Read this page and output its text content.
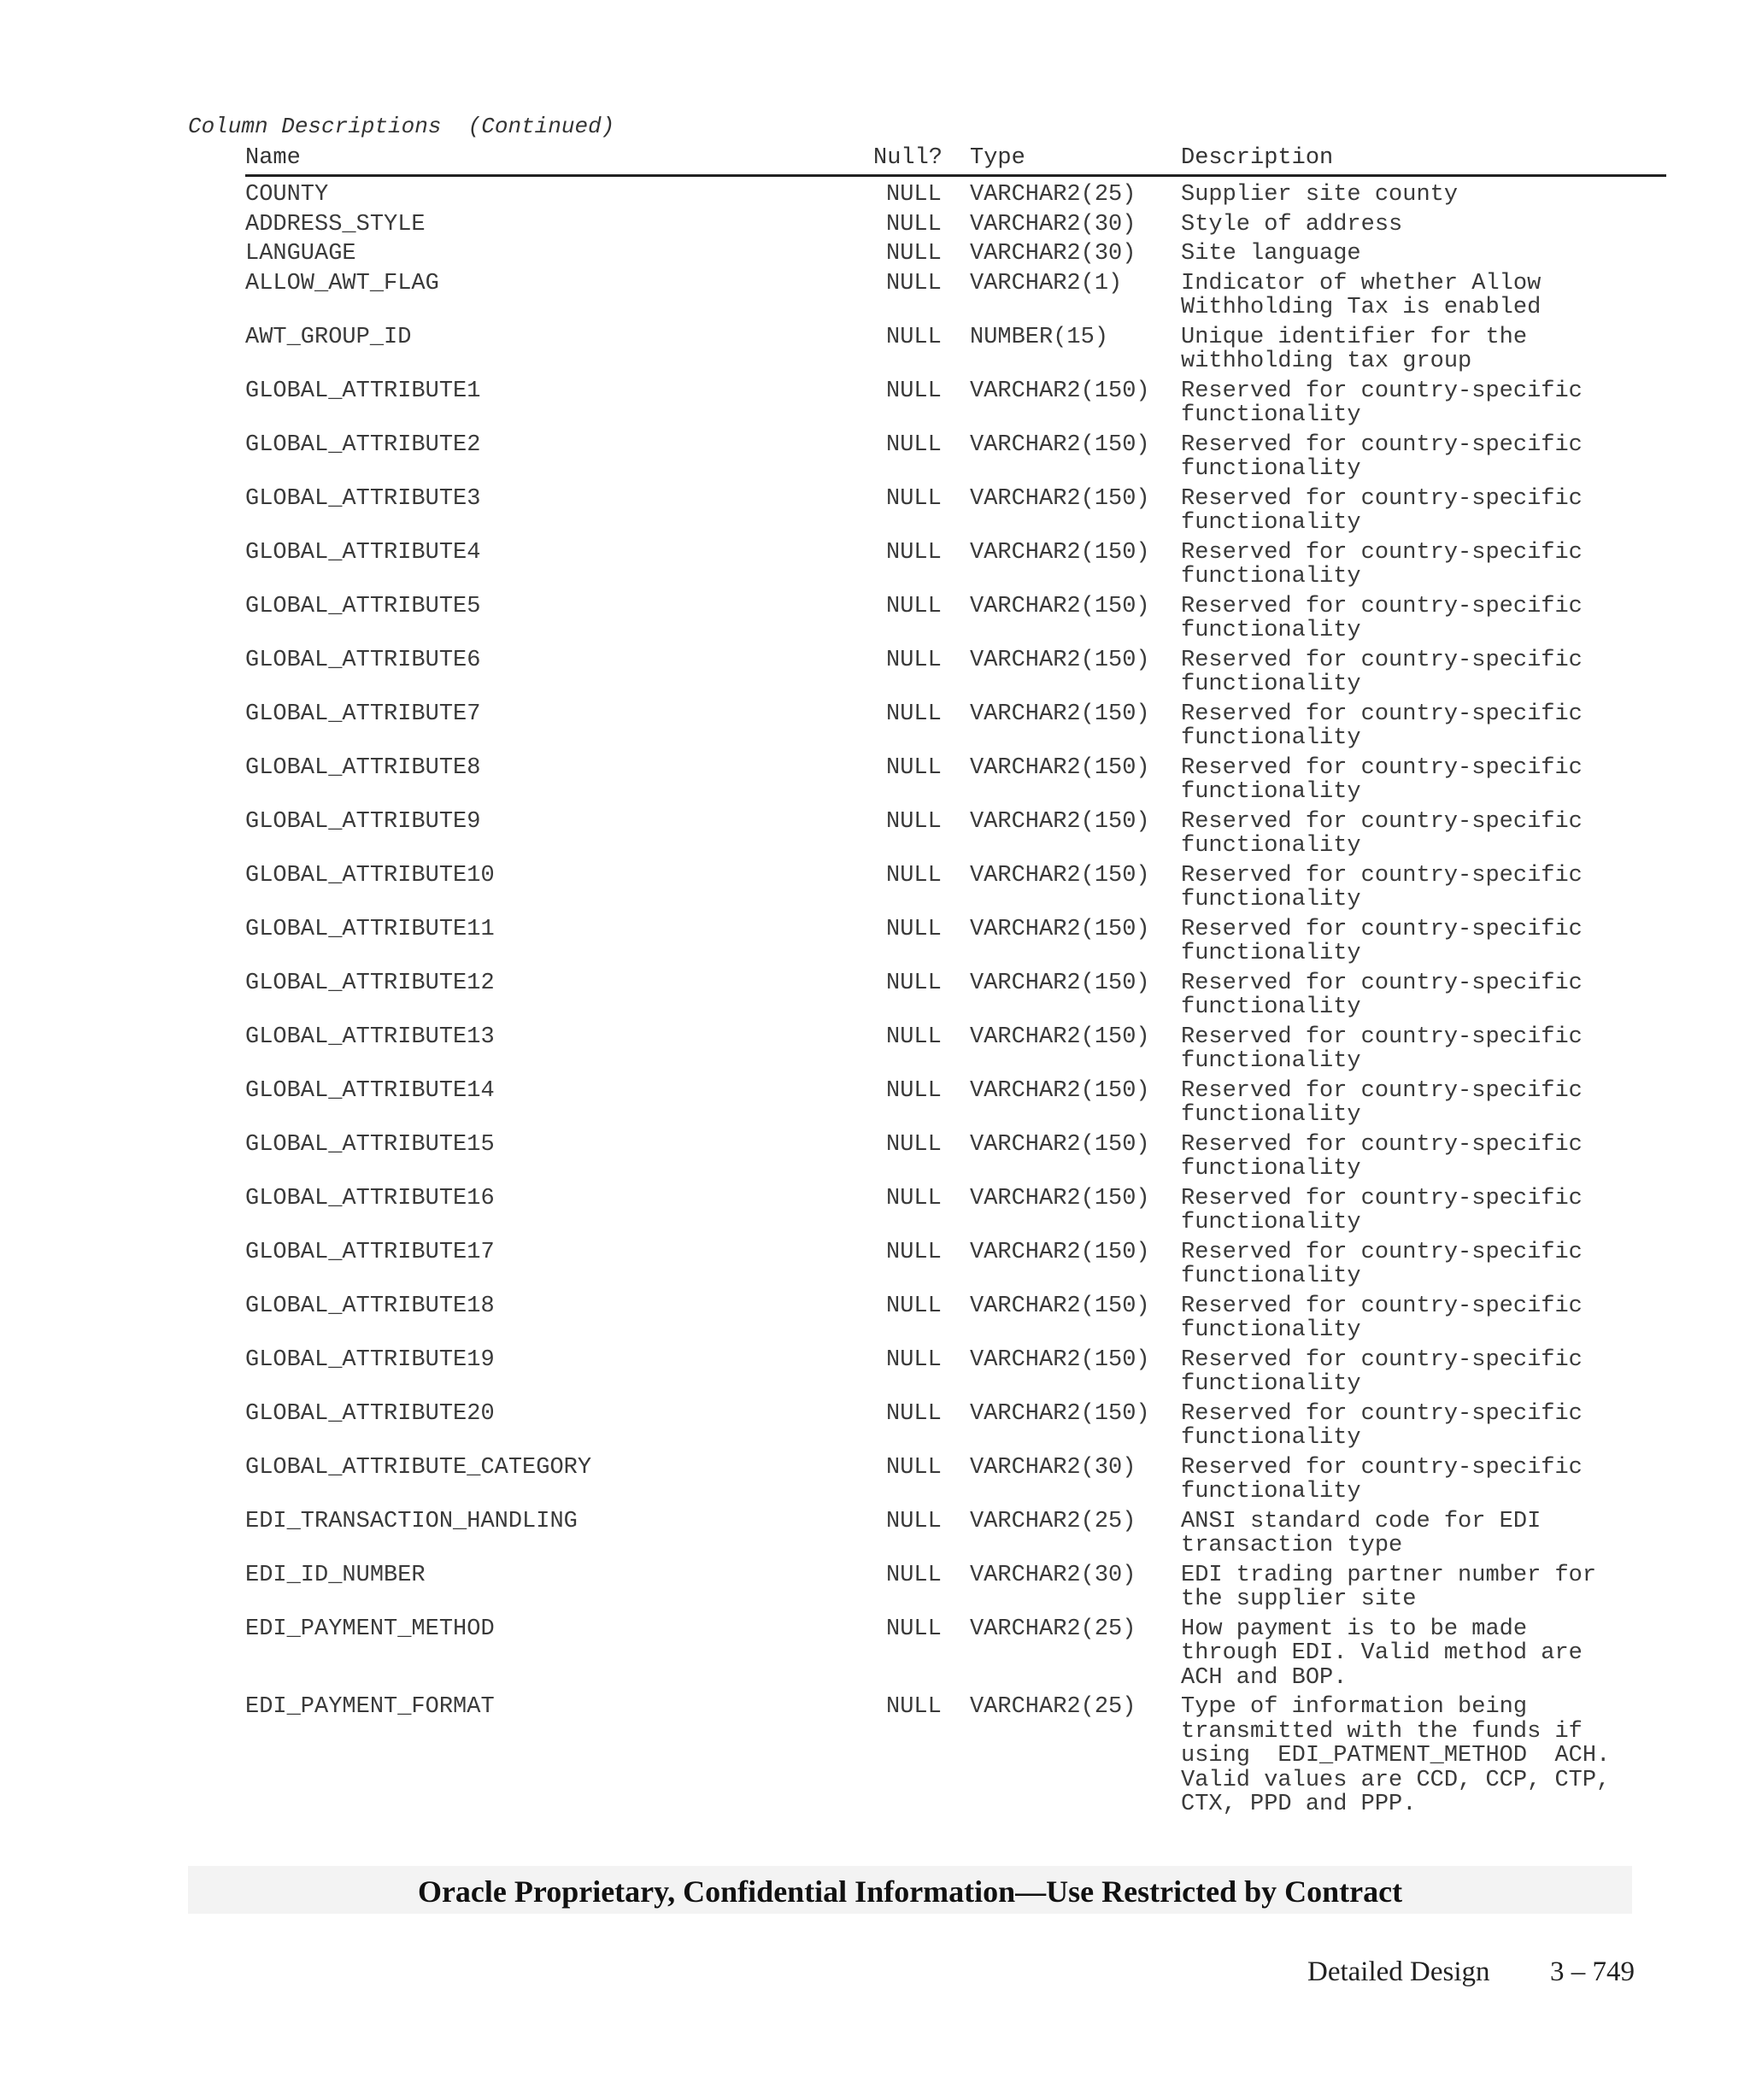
Column Descriptions  (Continued)
Name	Null? Type	Description
COUNTY	NULL VARCHAR2(25) Supplier site county
ADDRESS_STYLE	NULL VARCHAR2(30) Style of address
LANGUAGE	NULL VARCHAR2(30) Site language
ALLOW_AWT_FLAG	NULL VARCHAR2(1)	Indicator of whether Allow
Withholding Tax is enabled
AWT_GROUP_ID	NULL NUMBER(15)	Unique identifier for the
withholding tax group
GLOBAL_ATTRIBUTE1	NULL VARCHAR2(150) Reserved for country-specific
functionality
GLOBAL_ATTRIBUTE2	NULL VARCHAR2(150) Reserved for country-specific
functionality
GLOBAL_ATTRIBUTE3	NULL VARCHAR2(150) Reserved for country-specific
functionality
GLOBAL_ATTRIBUTE4	NULL VARCHAR2(150) Reserved for country-specific
functionality
GLOBAL_ATTRIBUTE5	NULL VARCHAR2(150) Reserved for country-specific
functionality
GLOBAL_ATTRIBUTE6	NULL VARCHAR2(150) Reserved for country-specific
functionality
GLOBAL_ATTRIBUTE7	NULL VARCHAR2(150) Reserved for country-specific
functionality
GLOBAL_ATTRIBUTE8	NULL VARCHAR2(150) Reserved for country-specific
functionality
GLOBAL_ATTRIBUTE9	NULL VARCHAR2(150) Reserved for country-specific
functionality
GLOBAL_ATTRIBUTE10	NULL VARCHAR2(150) Reserved for country-specific
functionality
GLOBAL_ATTRIBUTE11	NULL VARCHAR2(150) Reserved for country-specific
functionality
GLOBAL_ATTRIBUTE12	NULL VARCHAR2(150) Reserved for country-specific
functionality
GLOBAL_ATTRIBUTE13	NULL VARCHAR2(150) Reserved for country-specific
functionality
GLOBAL_ATTRIBUTE14	NULL VARCHAR2(150) Reserved for country-specific
functionality
GLOBAL_ATTRIBUTE15	NULL VARCHAR2(150) Reserved for country-specific
functionality
GLOBAL_ATTRIBUTE16	NULL VARCHAR2(150) Reserved for country-specific
functionality
GLOBAL_ATTRIBUTE17	NULL VARCHAR2(150) Reserved for country-specific
functionality
GLOBAL_ATTRIBUTE18	NULL VARCHAR2(150) Reserved for country-specific
functionality
GLOBAL_ATTRIBUTE19	NULL VARCHAR2(150) Reserved for country-specific
functionality
GLOBAL_ATTRIBUTE20	NULL VARCHAR2(150) Reserved for country-specific
functionality
GLOBAL_ATTRIBUTE_CATEGORY	NULL VARCHAR2(30) Reserved for country-specific
functionality
EDI_TRANSACTION_HANDLING	NULL VARCHAR2(25) ANSI standard code for EDI
transaction type
EDI_ID_NUMBER	NULL VARCHAR2(30) EDI trading partner number for
the supplier site
EDI_PAYMENT_METHOD	NULL VARCHAR2(25) How payment is to be made
through EDI. Valid method are
ACH and BOP.
EDI_PAYMENT_FORMAT	NULL VARCHAR2(25) Type of information being
transmitted with the funds if
using  EDI_PATMENT_METHOD  ACH.
Valid values are CCD, CCP, CTP,
CTX, PPD and PPP.
Oracle Proprietary, Confidential Information––Use Restricted by Contract
Detailed Design 3 – 749
